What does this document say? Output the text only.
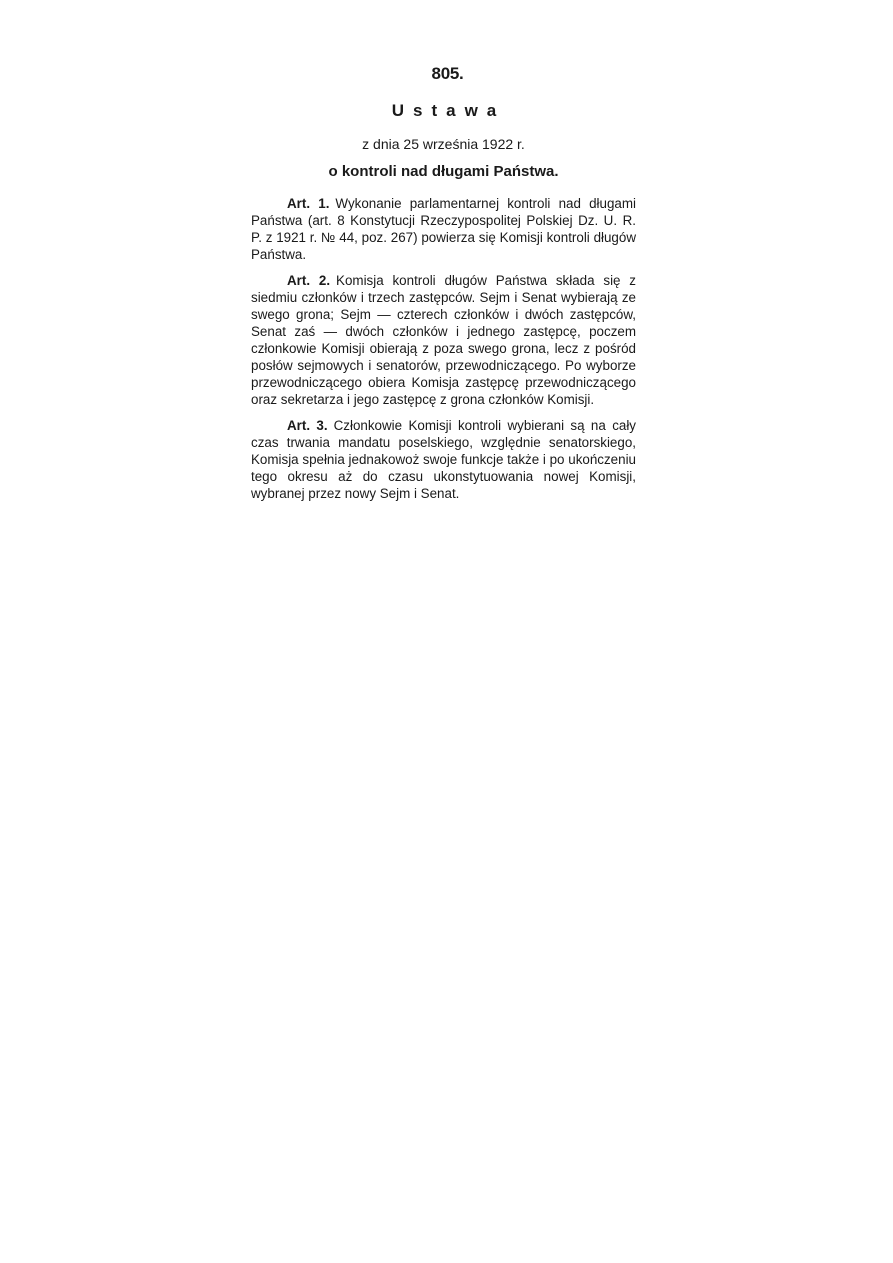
805.
Ustawa
z dnia 25 września 1922 r.
o kontroli nad długami Państwa.

Art. 1. Wykonanie parlamentarnej kontroli nad długami Państwa (art. 8 Konstytucji Rzeczypospolitej Polskiej Dz. U. R. P. z 1921 r. № 44, poz. 267) powierza się Komisji kontroli długów Państwa.

Art. 2. Komisja kontroli długów Państwa składa się z siedmiu członków i trzech zastępców. Sejm i Senat wybierają ze swego grona; Sejm — czterech członków i dwóch zastępców, Senat zaś — dwóch członków i jednego zastępcę, poczem członkowie Komisji obierają z poza swego grona, lecz z pośród posłów sejmowych i senatorów, przewodniczącego. Po wyborze przewodniczącego obiera Komisja zastępcę przewodniczącego oraz sekretarza i jego zastępcę z grona członków Komisji.

Art. 3. Członkowie Komisji kontroli wybierani są na cały czas trwania mandatu poselskiego, względnie senatorskiego, Komisja spełnia jednakowoż swoje funkcje także i po ukończeniu tego okresu aż do czasu ukonstytuowania nowej Komisji, wybranej przez nowy Sejm i Senat.
